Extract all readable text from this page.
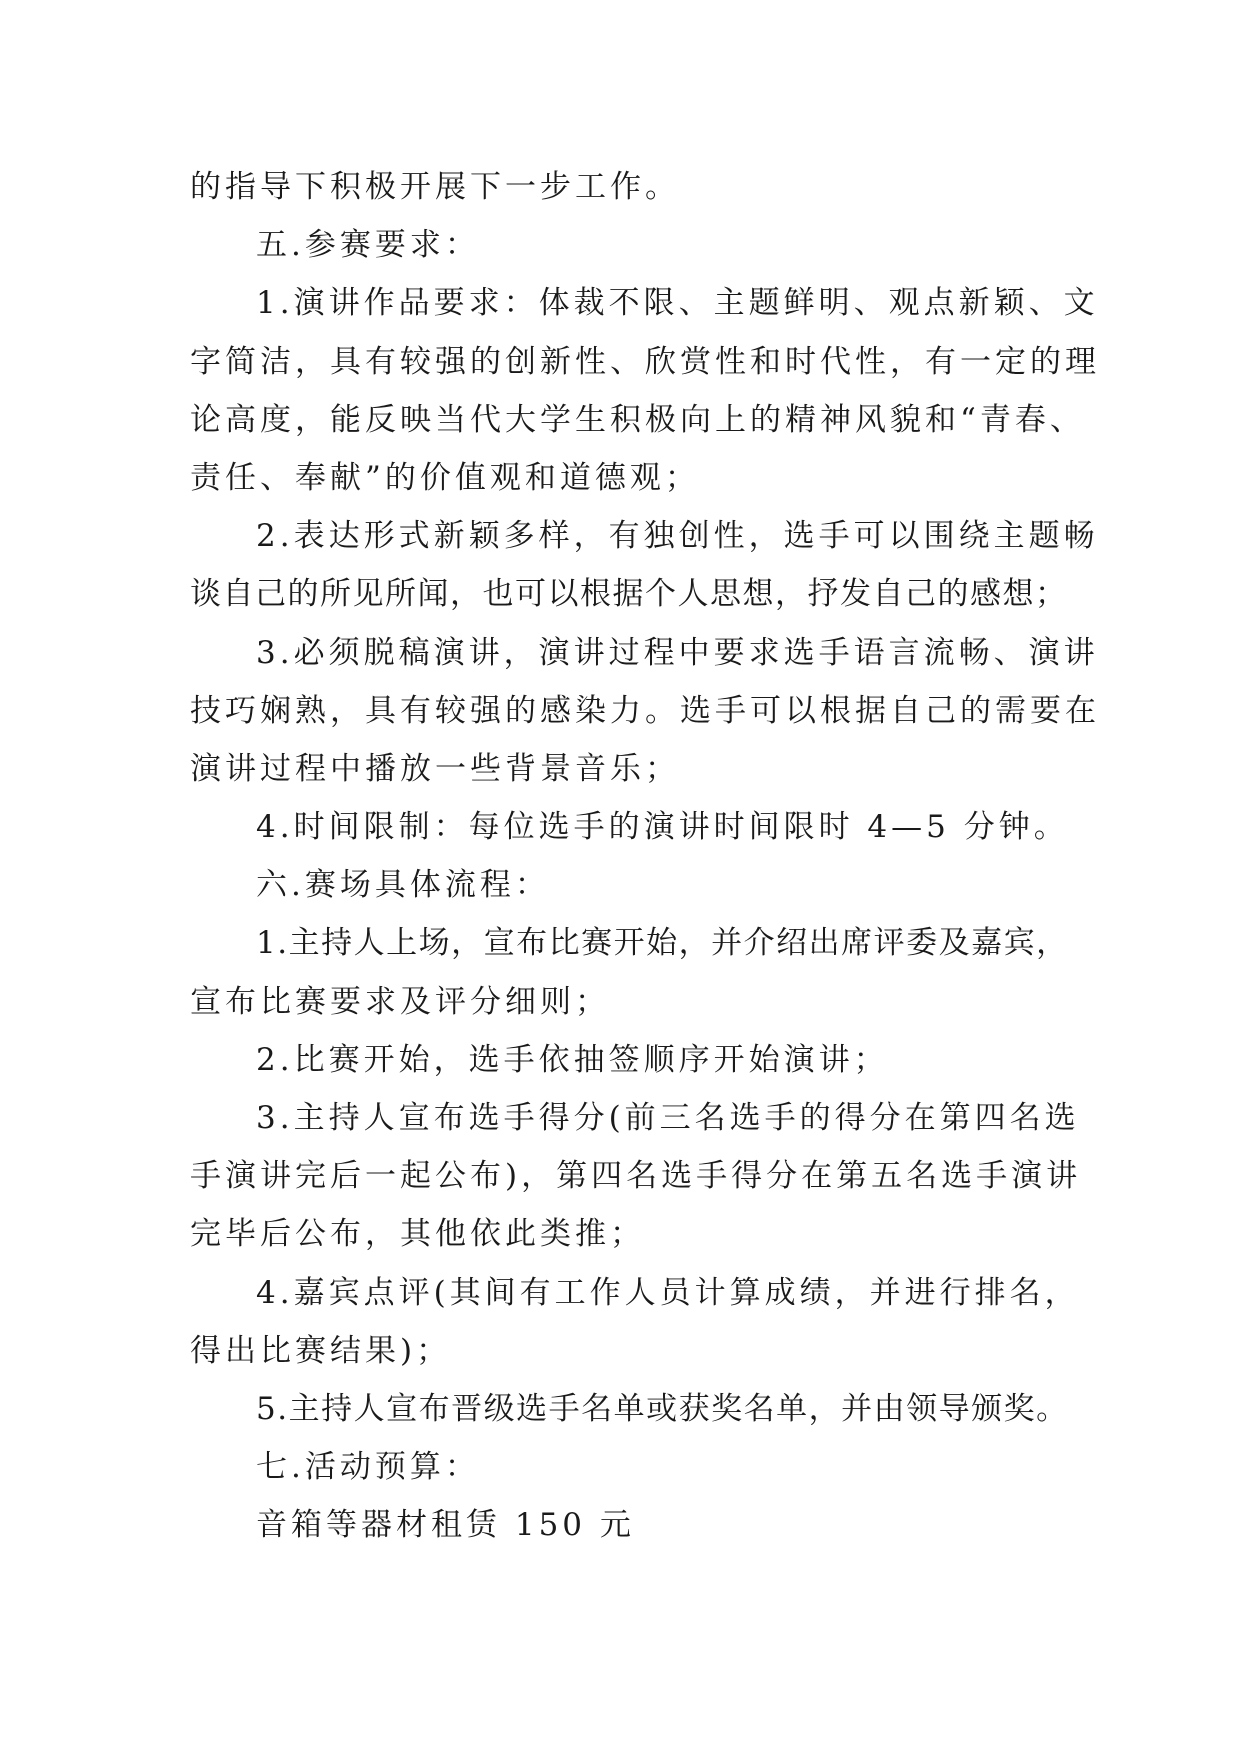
的指导下积极开展下一步工作。
五.参赛要求：
1.演讲作品要求：体裁不限、主题鲜明、观点新颖、文
字简洁，具有较强的创新性、欣赏性和时代性，有一定的理
论高度，能反映当代大学生积极向上的精神风貌和“青春、
责任、奉献”的价值观和道德观；
2.表达形式新颖多样，有独创性，选手可以围绕主题畅
谈自己的所见所闻，也可以根据个人思想，抒发自己的感想；
3.必须脱稿演讲，演讲过程中要求选手语言流畅、演讲
技巧娴熟，具有较强的感染力。选手可以根据自己的需要在
演讲过程中播放一些背景音乐；
4.时间限制：每位选手的演讲时间限时 4—5 分钟。
六.赛场具体流程：
1.主持人上场，宣布比赛开始，并介绍出席评委及嘉宾，
宣布比赛要求及评分细则；
2.比赛开始，选手依抽签顺序开始演讲；
3.主持人宣布选手得分(前三名选手的得分在第四名选
手演讲完后一起公布)，第四名选手得分在第五名选手演讲
完毕后公布，其他依此类推；
4.嘉宾点评(其间有工作人员计算成绩，并进行排名，
得出比赛结果)；
5.主持人宣布晋级选手名单或获奖名单，并由领导颁奖。
七.活动预算：
音箱等器材租赁 150 元
